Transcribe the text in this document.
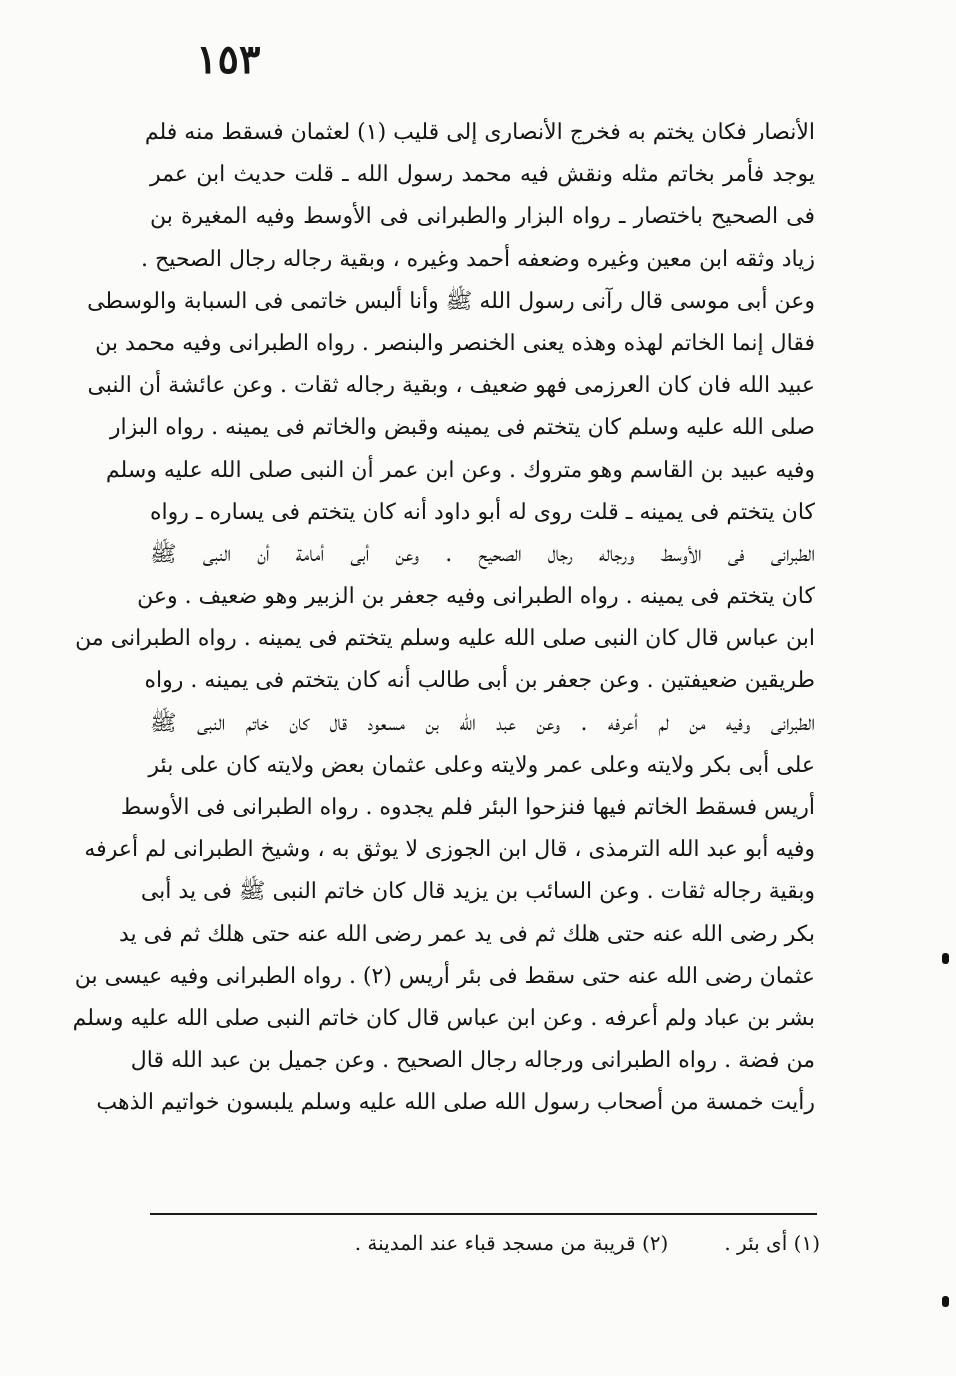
١٥٣
الأنصار فكان يختم به فخرج الأنصارى إلى قليب (١) لعثمان فسقط منه فلم
يوجد فأمر بخاتم مثله ونقش فيه محمد رسول الله ـ قلت حديث ابن عمر
فى الصحيح باختصار ـ رواه البزار والطبرانى فى الأوسط وفيه المغيرة بن
زياد وثقه ابن معين وغيره وضعفه أحمد وغيره ، وبقية رجاله رجال الصحيح .
وعن أبى موسى قال رآنى رسول الله ﷺ وأنا ألبس خاتمى فى السبابة والوسطى
فقال إنما الخاتم لهذه وهذه يعنى الخنصر والبنصر . رواه الطبرانى وفيه محمد بن
عبيد الله فان كان العرزمى فهو ضعيف ، وبقية رجاله ثقات . وعن عائشة أن النبى
صلى الله عليه وسلم كان يتختم فى يمينه وقبض والخاتم فى يمينه . رواه البزار
وفيه عبيد بن القاسم وهو متروك . وعن ابن عمر أن النبى صلى الله عليه وسلم
كان يتختم فى يمينه ـ قلت روى له أبو داود أنه كان يتختم فى يساره ـ رواه
الطبرانى فى الأوسط ورجاله رجال الصحيح . وعن أبى أمامة أن النبى ﷺ
كان يتختم فى يمينه . رواه الطبرانى وفيه جعفر بن الزبير وهو ضعيف . وعن
ابن عباس قال كان النبى صلى الله عليه وسلم يتختم فى يمينه . رواه الطبرانى من
طريقين ضعيفتين . وعن جعفر بن أبى طالب أنه كان يتختم فى يمينه . رواه
الطبرانى وفيه من لم أعرفه . وعن عبد الله بن مسعود قال كان خاتم النبى ﷺ
على أبى بكر ولايته وعلى عمر ولايته وعلى عثمان بعض ولايته كان على بئر
أريس فسقط الخاتم فيها فنزحوا البئر فلم يجدوه . رواه الطبرانى فى الأوسط
وفيه أبو عبد الله الترمذى ، قال ابن الجوزى لا يوثق به ، وشيخ الطبرانى لم أعرفه
وبقية رجاله ثقات . وعن السائب بن يزيد قال كان خاتم النبى ﷺ فى يد أبى
بكر رضى الله عنه حتى هلك ثم فى يد عمر رضى الله عنه حتى هلك ثم فى يد
عثمان رضى الله عنه حتى سقط فى بئر أريس (٢) . رواه الطبرانى وفيه عيسى بن
بشر بن عباد ولم أعرفه . وعن ابن عباس قال كان خاتم النبى صلى الله عليه وسلم
من فضة . رواه الطبرانى ورجاله رجال الصحيح . وعن جميل بن عبد الله قال
رأيت خمسة من أصحاب رسول الله صلى الله عليه وسلم يلبسون خواتيم الذهب
(١) أى بئر .(٢) قريبة من مسجد قباء عند المدينة .
